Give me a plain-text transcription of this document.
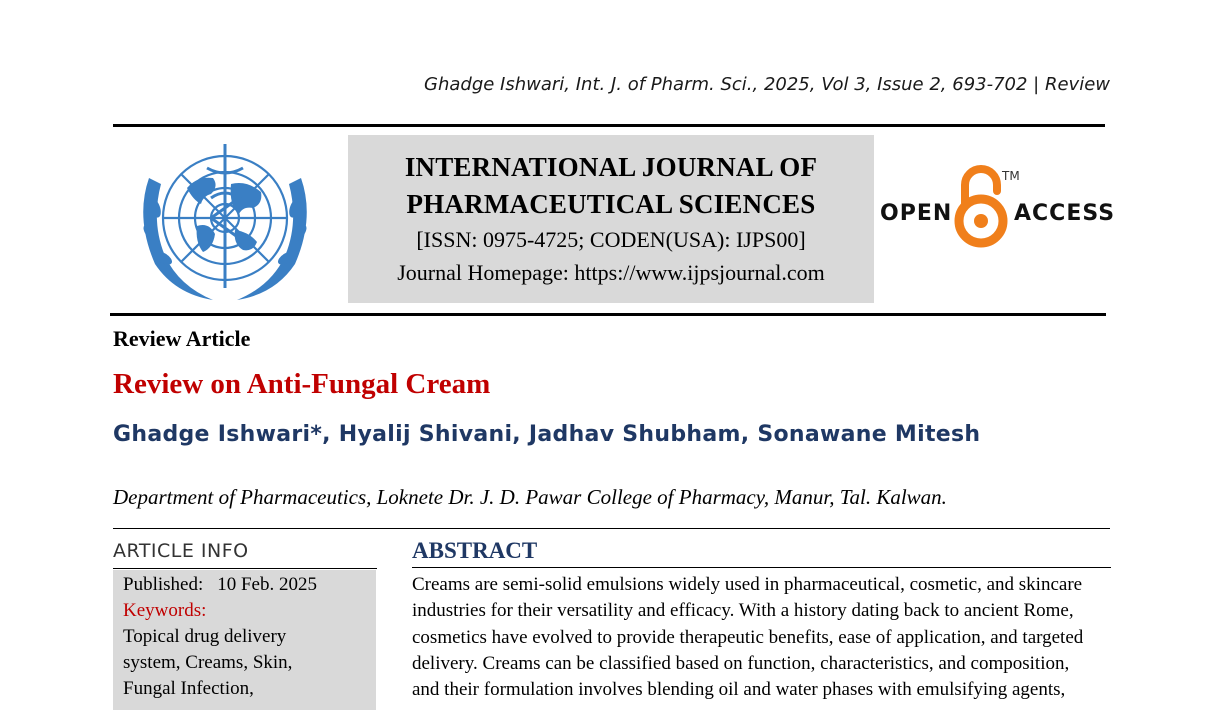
Ghadge Ishwari, Int. J. of Pharm. Sci., 2025, Vol 3, Issue 2, 693-702 | Review
INTERNATIONAL JOURNAL OF
PHARMACEUTICAL SCIENCES
[ISSN: 0975-4725; CODEN(USA): IJPS00]
Journal Homepage: https://www.ijpsjournal.com
OPEN
TM
ACCESS
Review Article
Review on Anti-Fungal Cream
Ghadge Ishwari*, Hyalij Shivani, Jadhav Shubham, Sonawane Mitesh
Department of Pharmaceutics, Loknete Dr. J. D. Pawar College of Pharmacy, Manur, Tal. Kalwan.
ARTICLE INFO
Published: 10 Feb. 2025
Keywords:
Topical drug delivery
system, Creams, Skin,
Fungal Infection,
ABSTRACT
Creams are semi-solid emulsions widely used in pharmaceutical, cosmetic, and skincare
industries for their versatility and efficacy. With a history dating back to ancient Rome,
cosmetics have evolved to provide therapeutic benefits, ease of application, and targeted
delivery. Creams can be classified based on function, characteristics, and composition,
and their formulation involves blending oil and water phases with emulsifying agents,
